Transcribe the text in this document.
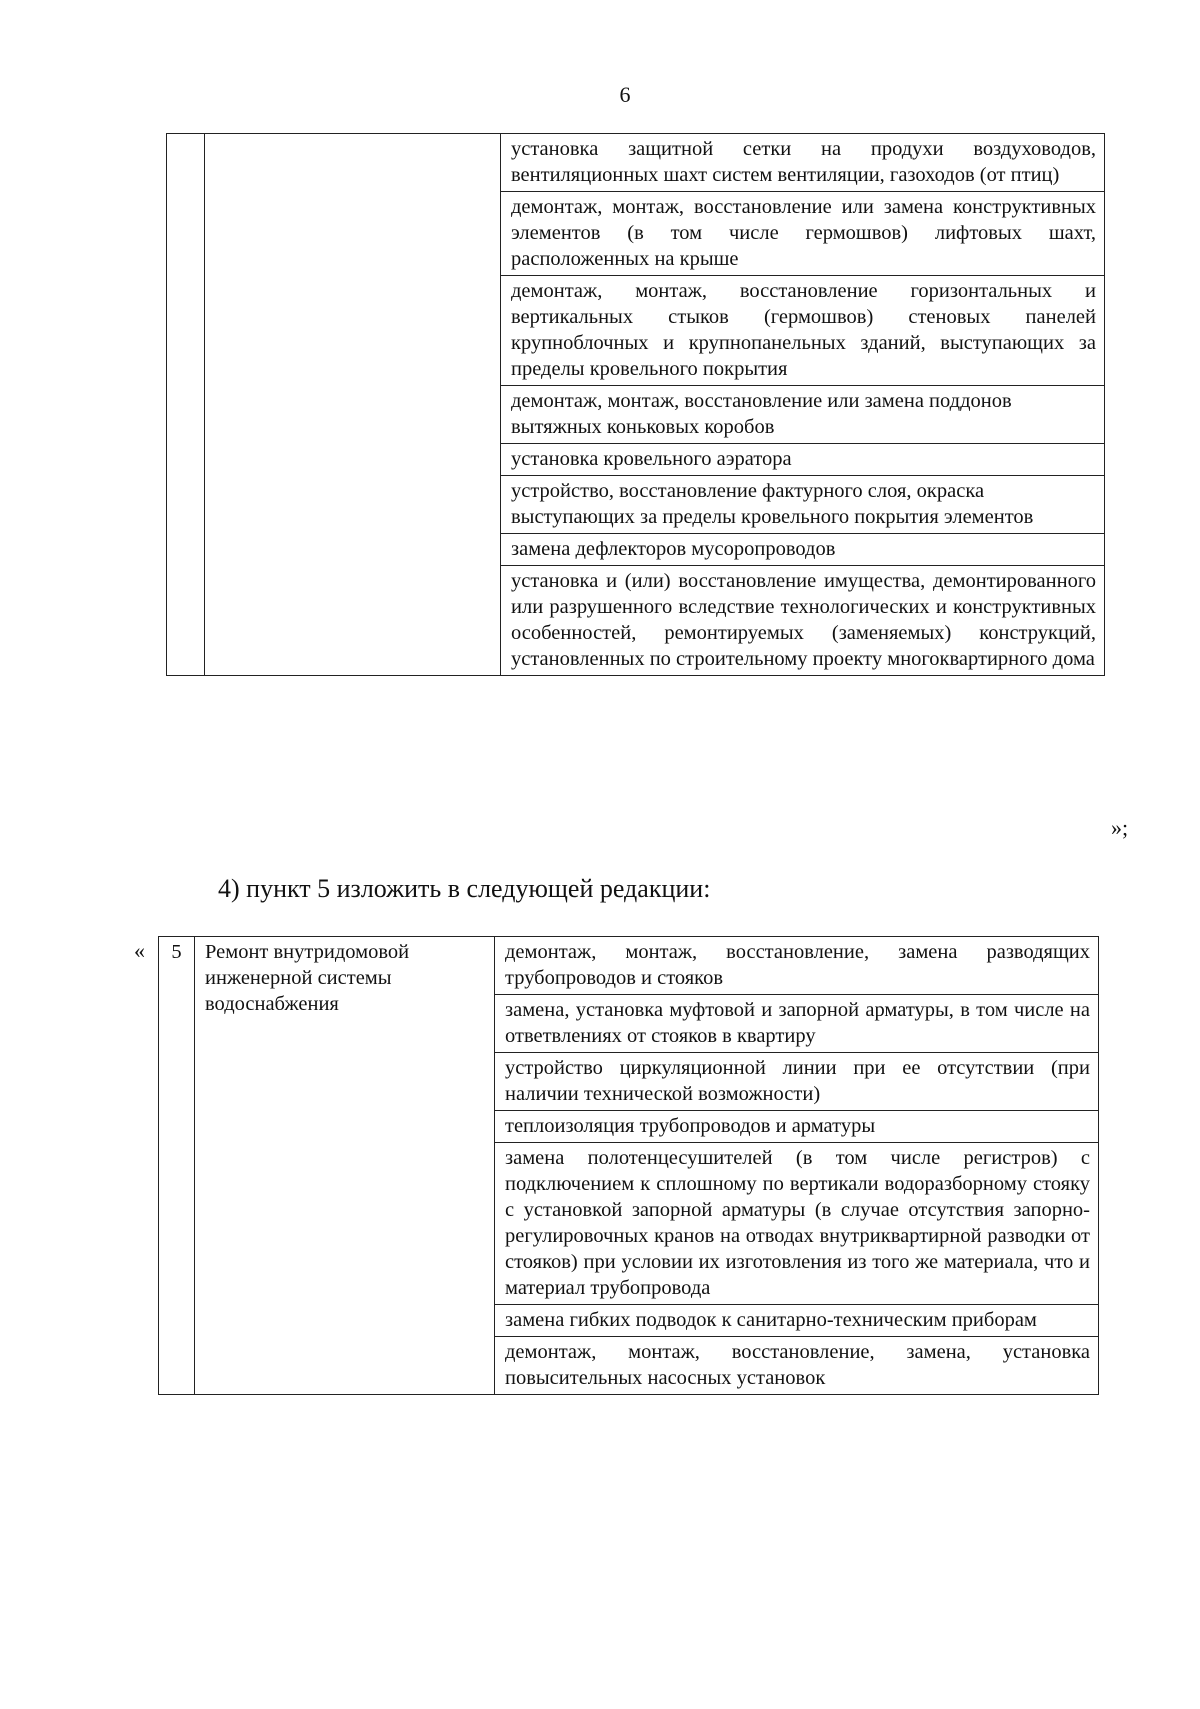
6
		установка защитной сетки на продухи воздуховодов, вентиляционных шахт систем вентиляции, газоходов (от птиц)
демонтаж, монтаж, восстановление или замена конструктивных элементов (в том числе гермошвов) лифтовых шахт, расположенных на крыше
демонтаж, монтаж, восстановление горизонтальных и вертикальных стыков (гермошвов) стеновых панелей крупноблочных и крупнопанельных зданий, выступающих за пределы кровельного покрытия
демонтаж, монтаж, восстановление или замена поддонов вытяжных коньковых коробов
установка кровельного аэратора
устройство, восстановление фактурного слоя, окраска выступающих за пределы кровельного покрытия элементов
замена дефлекторов мусоропроводов
установка и (или) восстановление имущества, демонтированного или разрушенного вследствие технологических и конструктивных особенностей, ремонтируемых (заменяемых) конструкций, установленных по строительному проекту многоквартирного дома
»;
4) пункт 5 изложить в следующей редакции:
« 5	Ремонт внутридомовой инженерной системы водоснабжения	демонтаж, монтаж, восстановление, замена разводящих трубопроводов и стояков
замена, установка муфтовой и запорной арматуры, в том числе на ответвлениях от стояков в квартиру
устройство циркуляционной линии при ее отсутствии (при наличии технической возможности)
теплоизоляция трубопроводов и арматуры
замена полотенцесушителей (в том числе регистров) с подключением к сплошному по вертикали водоразборному стояку с установкой запорной арматуры (в случае отсутствия запорно-регулировочных кранов на отводах внутриквартирной разводки от стояков) при условии их изготовления из того же материала, что и материал трубопровода
замена гибких подводок к санитарно-техническим приборам
демонтаж, монтаж, восстановление, замена, установка повысительных насосных установок
